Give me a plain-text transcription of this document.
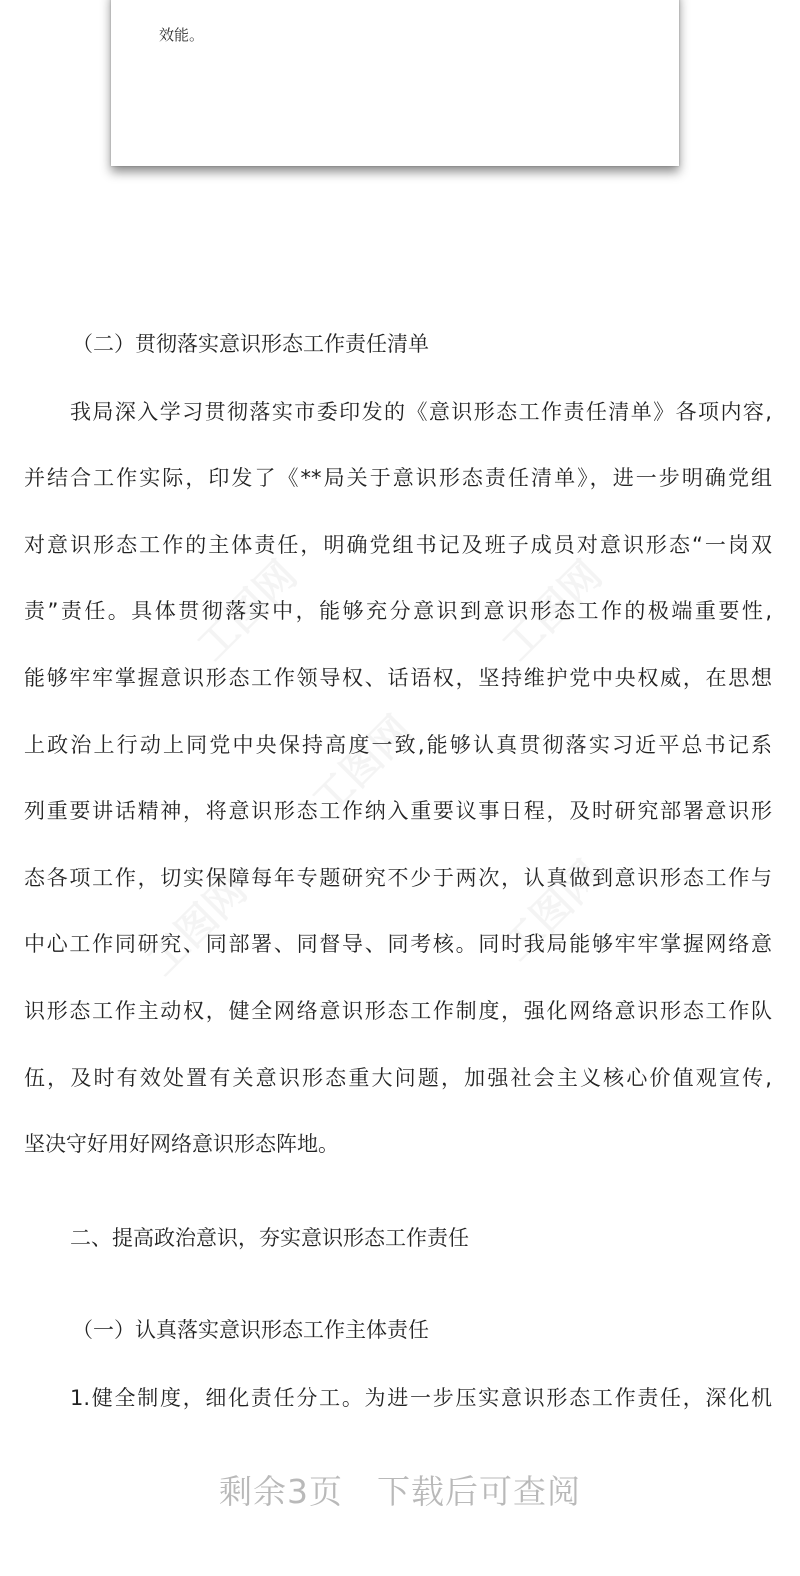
效能。
（二）贯彻落实意识形态工作责任清单
我局深入学习贯彻落实市委印发的《意识形态工作责任清单》各项内容,
并结合工作实际，印发了《**局关于意识形态责任清单》，进一步明确党组
对意识形态工作的主体责任，明确党组书记及班子成员对意识形态“一岗双
责”责任。具体贯彻落实中，能够充分意识到意识形态工作的极端重要性,
能够牢牢掌握意识形态工作领导权、话语权，坚持维护党中央权威，在思想
上政治上行动上同党中央保持高度一致,能够认真贯彻落实习近平总书记系
列重要讲话精神，将意识形态工作纳入重要议事日程，及时研究部署意识形
态各项工作，切实保障每年专题研究不少于两次，认真做到意识形态工作与
中心工作同研究、同部署、同督导、同考核。同时我局能够牢牢掌握网络意
识形态工作主动权，健全网络意识形态工作制度，强化网络意识形态工作队
伍，及时有效处置有关意识形态重大问题，加强社会主义核心价值观宣传,
坚决守好用好网络意识形态阵地。
二、提高政治意识，夯实意识形态工作责任
（一）认真落实意识形态工作主体责任
1.健全制度，细化责任分工。为进一步压实意识形态工作责任，深化机
剩余3页 下载后可查阅
